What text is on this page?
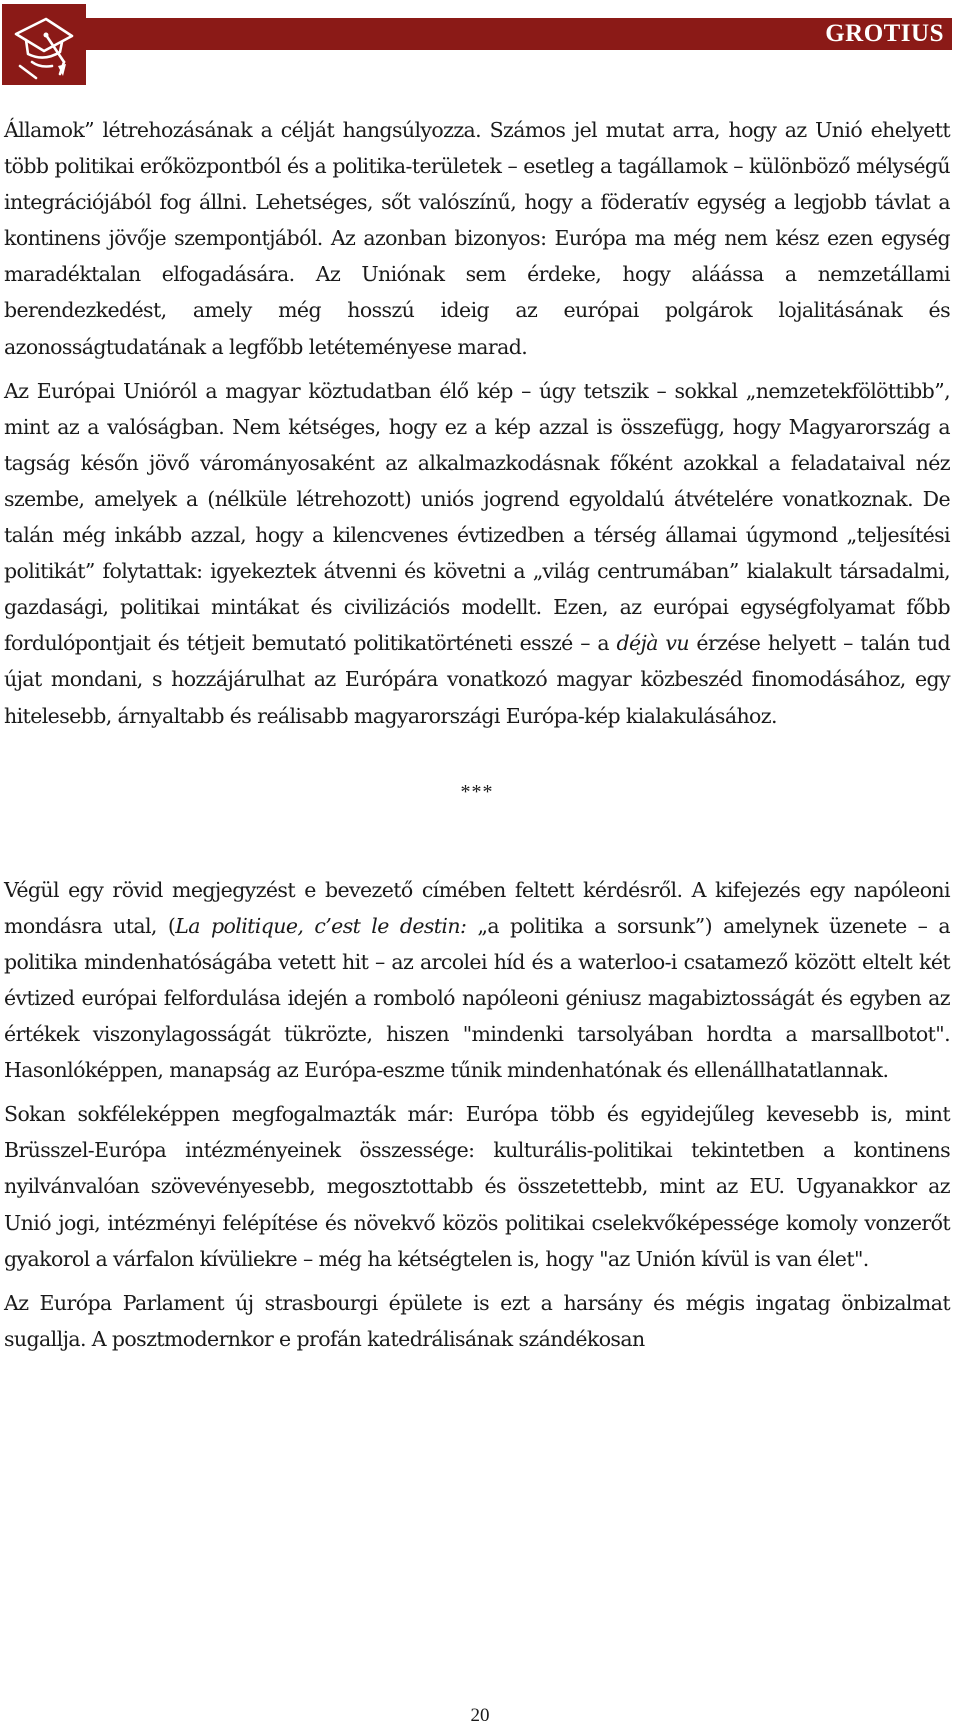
GROTIUS

Államok” létrehozásának a célját hangsúlyozza. Számos jel mutat arra, hogy az Unió ehelyett több politikai erőközpontból és a politika-területek – esetleg a tagállamok – különböző mélységű integrációjából fog állni. Lehetséges, sőt valószínű, hogy a föderatív egység a legjobb távlat a kontinens jövője szempontjából. Az azonban bizonyos: Európa ma még nem kész ezen egység maradéktalan elfogadására. Az Uniónak sem érdeke, hogy aláássa a nemzetállami berendezkedést, amely még hosszú ideig az európai polgárok lojalitásának és azonosságtudatának a legfőbb letéteményese marad.

Az Európai Unióról a magyar köztudatban élő kép – úgy tetszik – sokkal „nemzetekfölöttibb”, mint az a valóságban. Nem kétséges, hogy ez a kép azzal is összefügg, hogy Magyarország a tagság későn jövő várományosaként az alkalmazkodásnak főként azokkal a feladataival néz szembe, amelyek a (nélküle létrehozott) uniós jogrend egyoldalú átvételére vonatkoznak. De talán még inkább azzal, hogy a kilencvenes évtizedben a térség államai úgymond „teljesítési politikát” folytattak: igyekeztek átvenni és követni a „világ centrumában” kialakult társadalmi, gazdasági, politikai mintákat és civilizációs modellt. Ezen, az európai egységfolyamat főbb fordulópontjait és tétjeit bemutató politikatörténeti esszé – a déjà vu érzése helyett – talán tud újat mondani, s hozzájárulhat az Európára vonatkozó magyar közbeszéd finomodásához, egy hitelesebb, árnyaltabb és reálisabb magyarországi Európa-kép kialakulásához.

***

Végül egy rövid megjegyzést e bevezető címében feltett kérdésről. A kifejezés egy napóleoni mondásra utal, (La politique, c’est le destin: „a politika a sorsunk”) amelynek üzenete – a politika mindenhatóságába vetett hit – az arcolei híd és a waterloo-i csatamező között eltelt két évtized európai felfordulása idején a romboló napóleoni géniusz magabiztosságát és egyben az értékek viszonylagosságát tükrözte, hiszen "mindenki tarsolyában hordta a marsallbotot". Hasonlóképpen, manapság az Európa-eszme tűnik mindenhatónak és ellenállhatatlannak.

Sokan sokféleképpen megfogalmazták már: Európa több és egyidejűleg kevesebb is, mint Brüsszel-Európa intézményeinek összessége: kulturális-politikai tekintetben a kontinens nyilvánvalóan szövevényesebb, megosztottabb és összetettebb, mint az EU. Ugyanakkor az Unió jogi, intézményi felépítése és növekvő közös politikai cselekvőképessége komoly vonzerőt gyakorol a várfalon kívüliekre – még ha kétségtelen is, hogy "az Unión kívül is van élet".

Az Európa Parlament új strasbourgi épülete is ezt a harsány és mégis ingatag önbizalmat sugallja. A posztmodernkor e profán katedrálisának szándékosan

20
